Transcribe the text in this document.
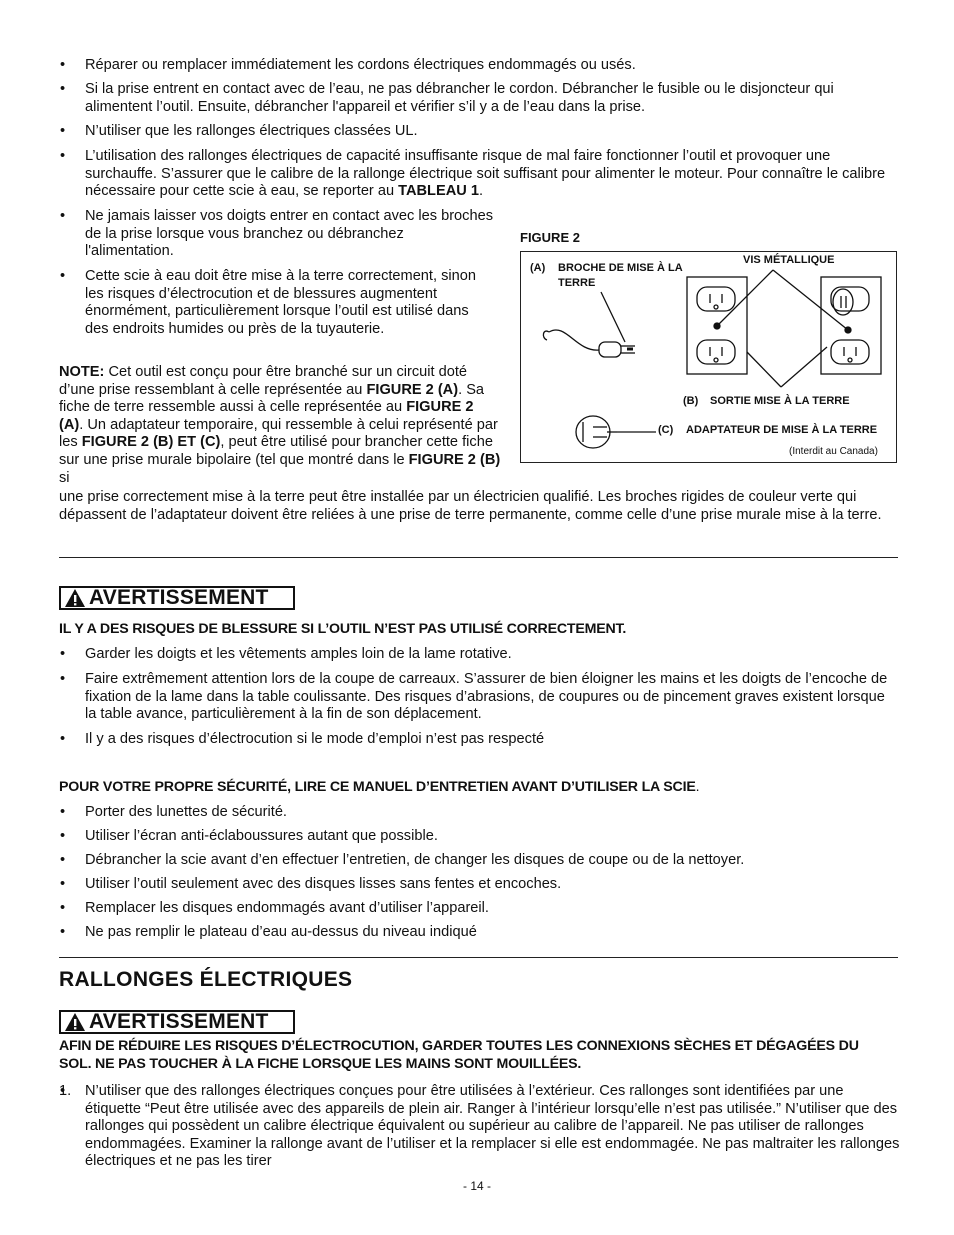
• Réparer ou remplacer immédiatement les cordons électriques endommagés ou usés.
• Si la prise entrent en contact avec de l’eau, ne pas débrancher le cordon. Débrancher le fusible ou le disjoncteur qui alimentent l’outil. Ensuite, débrancher l'appareil et vérifier s’il y a de l’eau dans la prise.
• N’utiliser que les rallonges électriques classées UL.
• L’utilisation des rallonges électriques de capacité insuffisante risque de mal faire fonctionner l’outil et provoquer une surchauffe. S’assurer que le calibre de la rallonge électrique soit suffisant pour alimenter le moteur. Pour connaître le calibre nécessaire pour cette scie à eau, se reporter au TABLEAU 1.
• Ne jamais laisser vos doigts entrer en contact avec les broches de la prise lorsque vous branchez ou débranchez l'alimentation.
• Cette scie à eau doit être mise à la terre correctement, sinon les risques d’électrocution et de blessures augmentent énormément, particulièrement lorsque l’outil est utilisé dans des endroits humides ou près de la tuyauterie.
NOTE: Cet outil est conçu pour être branché sur un circuit doté d’une prise ressemblant à celle représentée au FIGURE 2 (A). Sa fiche de terre ressemble aussi à celle représentée au FIGURE 2 (A). Un adaptateur temporaire, qui ressemble à celui représenté par les FIGURE 2 (B) ET (C), peut être utilisé pour brancher cette fiche sur une prise murale bipolaire (tel que montré dans le FIGURE 2 (B) si
une prise correctement mise à la terre peut être installée par un électricien qualifié. Les broches rigides de couleur verte qui dépassent de l’adaptateur doivent être reliées à une prise de terre permanente, comme celle d’une prise murale mise à la terre.
FIGURE 2
(A) BROCHE DE MISE À LA TERRE
VIS MÉTALLIQUE
(B) SORTIE MISE À LA TERRE
(C) ADAPTATEUR DE MISE À LA TERRE
(Interdit au Canada)
AVERTISSEMENT
IL Y A DES RISQUES DE BLESSURE SI L’OUTIL N’EST PAS UTILISÉ CORRECTEMENT.
• Garder les doigts et les vêtements amples loin de la lame rotative.
• Faire extrêmement attention lors de la coupe de carreaux. S’assurer de bien éloigner les mains et les doigts de l’encoche de fixation de la lame dans la table coulissante. Des risques d’abrasions, de coupures ou de pincement graves existent lorsque la table avance, particulièrement à la fin de son déplacement.
• Il y a des risques d’électrocution si le mode d’emploi n’est pas respecté
POUR VOTRE PROPRE SÉCURITÉ, LIRE CE MANUEL D’ENTRETIEN AVANT D’UTILISER LA SCIE.
• Porter des lunettes de sécurité.
• Utiliser l’écran anti-éclaboussures autant que possible.
• Débrancher la scie avant d’en effectuer l’entretien, de changer les disques de coupe ou de la nettoyer.
• Utiliser l’outil seulement avec des disques lisses sans fentes et encoches.
• Remplacer les disques endommagés avant d’utiliser l’appareil.
• Ne pas remplir le plateau d’eau au-dessus du niveau indiqué
RALLONGES ÉLECTRIQUES
AVERTISSEMENT
AFIN DE RÉDUIRE LES RISQUES D’ÉLECTROCUTION, GARDER TOUTES LES CONNEXIONS SÈCHES ET DÉGAGÉES DU SOL. NE PAS TOUCHER À LA FICHE LORSQUE LES MAINS SONT MOUILLÉES.
1.
• N’utiliser que des rallonges électriques conçues pour être utilisées à l’extérieur. Ces rallonges sont identifiées par une étiquette “Peut être utilisée avec des appareils de plein air. Ranger à l’intérieur lorsqu’elle n’est pas utilisée.” N’utiliser que des rallonges qui possèdent un calibre électrique équivalent ou supérieur au calibre de l’appareil. Ne pas utiliser de rallonges endommagées. Examiner la rallonge avant de l’utiliser et la remplacer si elle est endommagée. Ne pas maltraiter les rallonges électriques et ne pas les tirer
- 14 -
